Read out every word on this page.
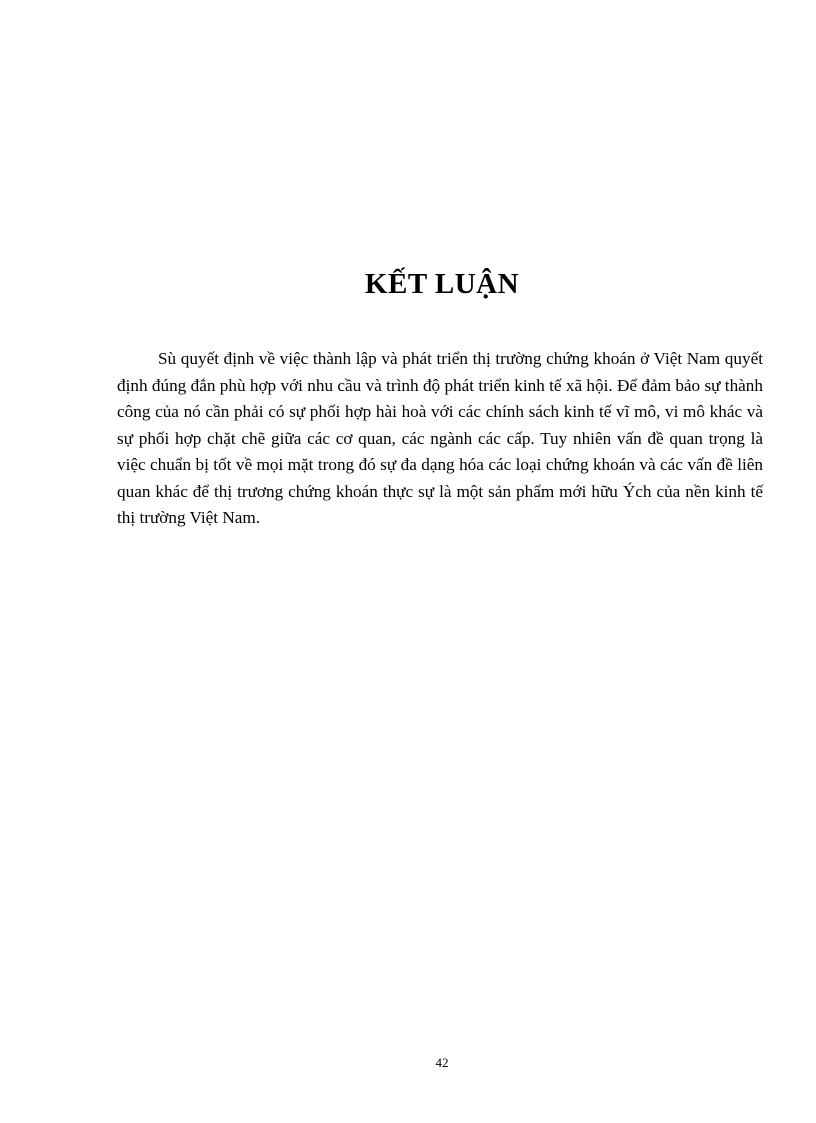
KẾT LUẬN

Sù quyết định về việc thành lập và phát triển thị trường chứng khoán ở Việt Nam quyết định đúng đắn phù hợp với nhu cầu và trình độ phát triển kinh tế xã hội. Để đảm bảo sự thành công của nó cần phải có sự phối hợp hài hoà với các chính sách kinh tế vĩ mô, vi mô khác và sự phối hợp chặt chẽ giữa các cơ quan, các ngành các cấp. Tuy nhiên vấn đề quan trọng là việc chuẩn bị tốt về mọi mặt trong đó sự đa dạng hóa các loại chứng khoán và các vấn đề liên quan khác để thị trương chứng khoán thực sự là một sản phẩm mới hữu Ých của nền kinh tế thị trường Việt Nam.

42
